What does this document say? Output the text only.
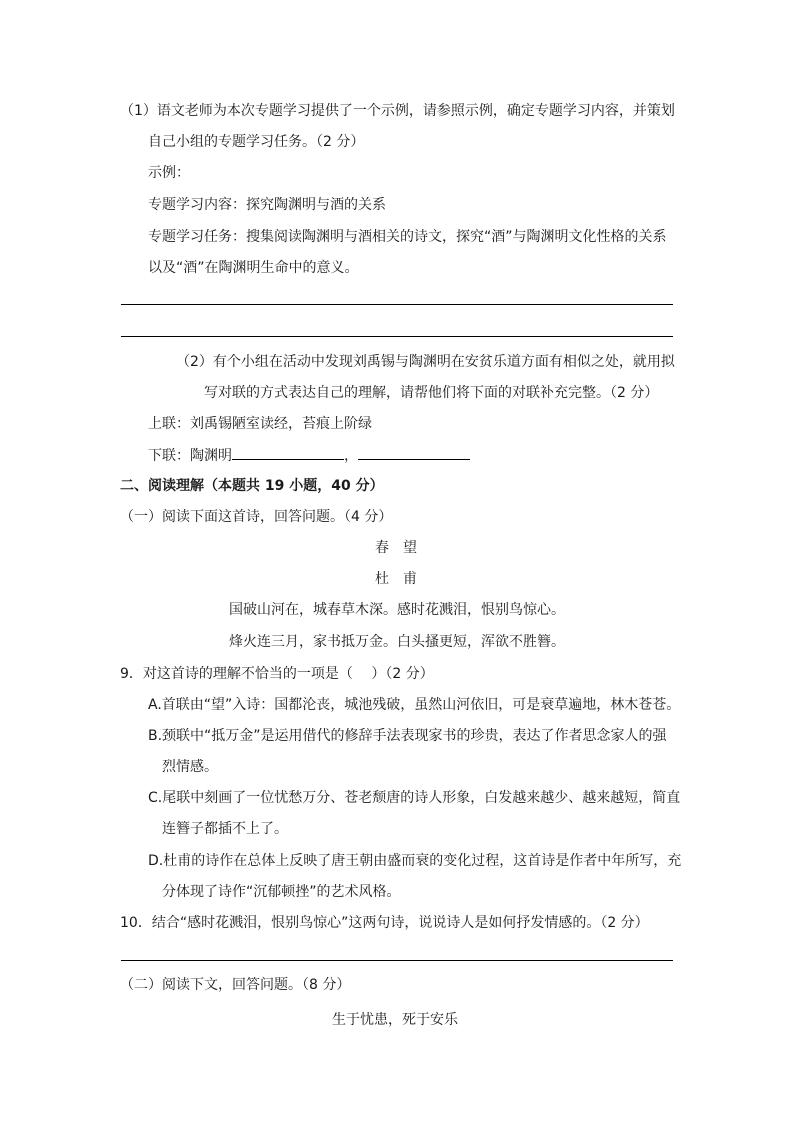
（1）语文老师为本次专题学习提供了一个示例，请参照示例，确定专题学习内容，并策划
自己小组的专题学习任务。（2 分）
示例：
专题学习内容：探究陶渊明与酒的关系
专题学习任务：搜集阅读陶渊明与酒相关的诗文，探究“酒”与陶渊明文化性格的关系
以及“酒”在陶渊明生命中的意义。
（2）有个小组在活动中发现刘禹锡与陶渊明在安贫乐道方面有相似之处，就用拟
写对联的方式表达自己的理解，请帮他们将下面的对联补充完整。（2 分）
上联：刘禹锡陋室读经，苔痕上阶绿
下联：陶渊明	，
二、阅读理解（本题共 19 小题，40 分）
（一）阅读下面这首诗，回答问题。（4 分）
春　望
杜　甫
国破山河在，城春草木深。感时花溅泪，恨别鸟惊心。
烽火连三月，家书抵万金。白头搔更短，浑欲不胜簪。
9．对这首诗的理解不恰当的一项是（　 ）（2 分）
A.首联由“望”入诗：国都沦丧，城池残破，虽然山河依旧，可是衰草遍地，林木苍苍。
B.颈联中“抵万金”是运用借代的修辞手法表现家书的珍贵，表达了作者思念家人的强
烈情感。
C.尾联中刻画了一位忧愁万分、苍老颓唐的诗人形象，白发越来越少、越来越短，简直
连簪子都插不上了。
D.杜甫的诗作在总体上反映了唐王朝由盛而衰的变化过程，这首诗是作者中年所写，充
分体现了诗作“沉郁顿挫”的艺术风格。
10．结合“感时花溅泪，恨别鸟惊心”这两句诗，说说诗人是如何抒发情感的。（2 分）
（二）阅读下文，回答问题。（8 分）
生于忧患，死于安乐
